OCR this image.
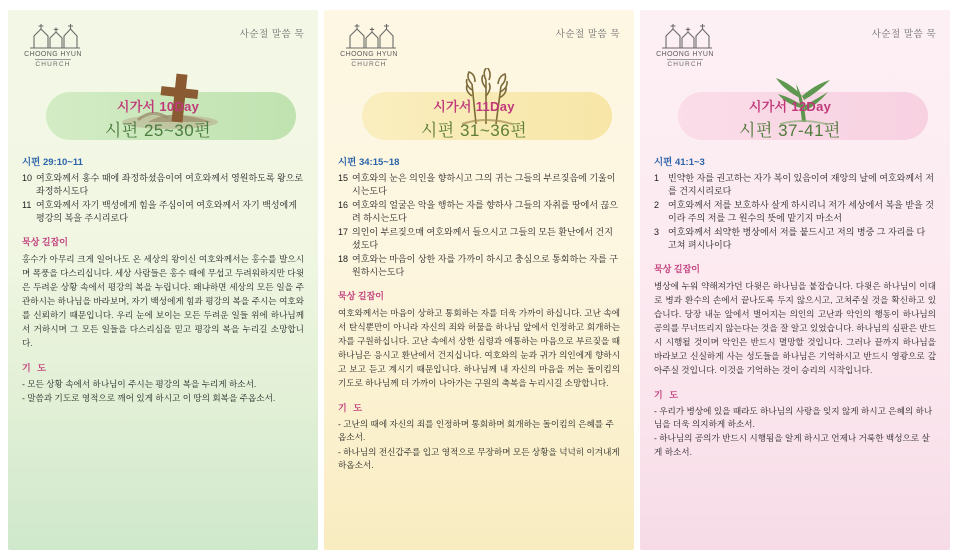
CHOONG HYUN
CHURCH
사순절 말씀 묵
시가서 10Day
시편 25~30편
시편 29:10~11
10 여호와께서 홍수 때에 좌정하셨음이여 여호와께서 영원하도록 왕으로 좌정하시도다
11 여호와께서 자기 백성에게 힘을 주심이여 여호와께서 자기 백성에게 평강의 복을 주시리로다
묵상 길잡이
홍수가 아무리 크게 일어나도 온 세상의 왕이신 여호와께서는 홍수를 발으시며 폭풍을 다스리십니다. 세상 사람들은 홍수 때에 무섭고 두려워하지만 다윗은 두려운 상황 속에서 평강의 복을 누립니다. 왜냐하면 세상의 모든 일을 주관하시는 하나님을 바라보며, 자기 백성에게 힘과 평강의 복을 주시는 여호와를 신뢰하기 때문입니다. 우리 눈에 보이는 모든 두려운 일들 위에 하나님께서 거하시며 그 모든 일들을 다스리심을 믿고 평강의 복을 누리길 소망합니다.
기 도
- 모든 상황 속에서 하나님이 주시는 평강의 복을 누리게 하소서.
- 말씀과 기도로 영적으로 깨어 있게 하시고 이 땅의 회복을 주옵소서.
CHOONG HYUN
CHURCH
사순절 말씀 묵
시가서 11Day
시편 31~36편
시편 34:15~18
15 여호와의 눈은 의인을 향하시고 그의 귀는 그들의 부르짖음에 기울이시는도다
16 여호와의 얼굴은 악을 행하는 자를 향하사 그들의 자취를 땅에서 끊으려 하시는도다
17 의인이 부르짖으매 여호와께서 들으시고 그들의 모든 환난에서 건지셨도다
18 여호와는 마음이 상한 자를 가까이 하시고 충심으로 통회하는 자를 구원하시는도다
묵상 길잡이
여호와께서는 마음이 상하고 통회하는 자를 더욱 가까이 하십니다. 고난 속에서 탄식뿐만이 아니라 자신의 죄와 허물을 하나님 앞에서 인정하고 회개하는 자를 구원하십니다. 고난 속에서 상한 심령과 애통하는 마음으로 부르짖을 때 하나님은 응시고 환난에서 건지십니다. 여호와의 눈과 귀가 의인에게 향하시고 보고 듣고 계시기 때문입니다. 하나님께 내 자신의 마음을 꺼는 돌이킴의 기도로 하나님께 더 가까이 나아가는 구원의 축복을 누리시길 소망합니다.
기 도
- 고난의 때에 자신의 죄를 인정하며 통회하며 회개하는 돌이킴의 은혜를 주옵소서.
- 하나님의 전신갑주를 입고 영적으로 무장하며 모든 상황을 넉넉히 이겨내게 하옵소서.
CHOONG HYUN
CHURCH
사순절 말씀 묵
시가서 12Day
시편 37-41편
시편 41:1~3
1 빈약한 자를 권고하는 자가 복이 있음이여 재앙의 날에 여호와께서 저를 건지시리로다
2 여호와께서 저를 보호하사 살게 하시리니 저가 세상에서 복을 받을 것이라 주의 저를 그 원수의 뜻에 맡기지 마소서
3 여호와께서 쇠약한 병상에서 저를 붙드시고 저의 병중 그 자리를 다 고쳐 펴시나이다
묵상 길잡이
병상에 누워 약해져가던 다윗은 하나님을 붙잡습니다. 다윗은 하나님이 이대로 병과 환수의 손에서 끝나도록 두지 않으시고, 고쳐주실 것을 확신하고 있습니다. 당장 내눈 앞에서 벌어지는 의인의 고난과 악인의 행동이 하나님의 공의를 무너뜨리지 않는다는 것을 잘 알고 있었습니다. 하나님의 심판은 반드시 시행될 것이며 악인은 반드시 멸망할 것입니다. 그러나 끝까지 하나님을 바라보고 신실하게 사는 성도들을 하나님은 기억하시고 반드시 영광으로 갚아주실 것입니다. 이것을 기억하는 것이 승리의 시작입니다.
기 도
- 우리가 병상에 있을 때라도 하나님의 사랑을 잊지 않게 하시고 은혜의 하나님을 더욱 의지하게 하소서.
- 하나님의 공의가 반드시 시행됨을 알게 하시고 언제나 거룩한 백성으로 살게 하소서.
